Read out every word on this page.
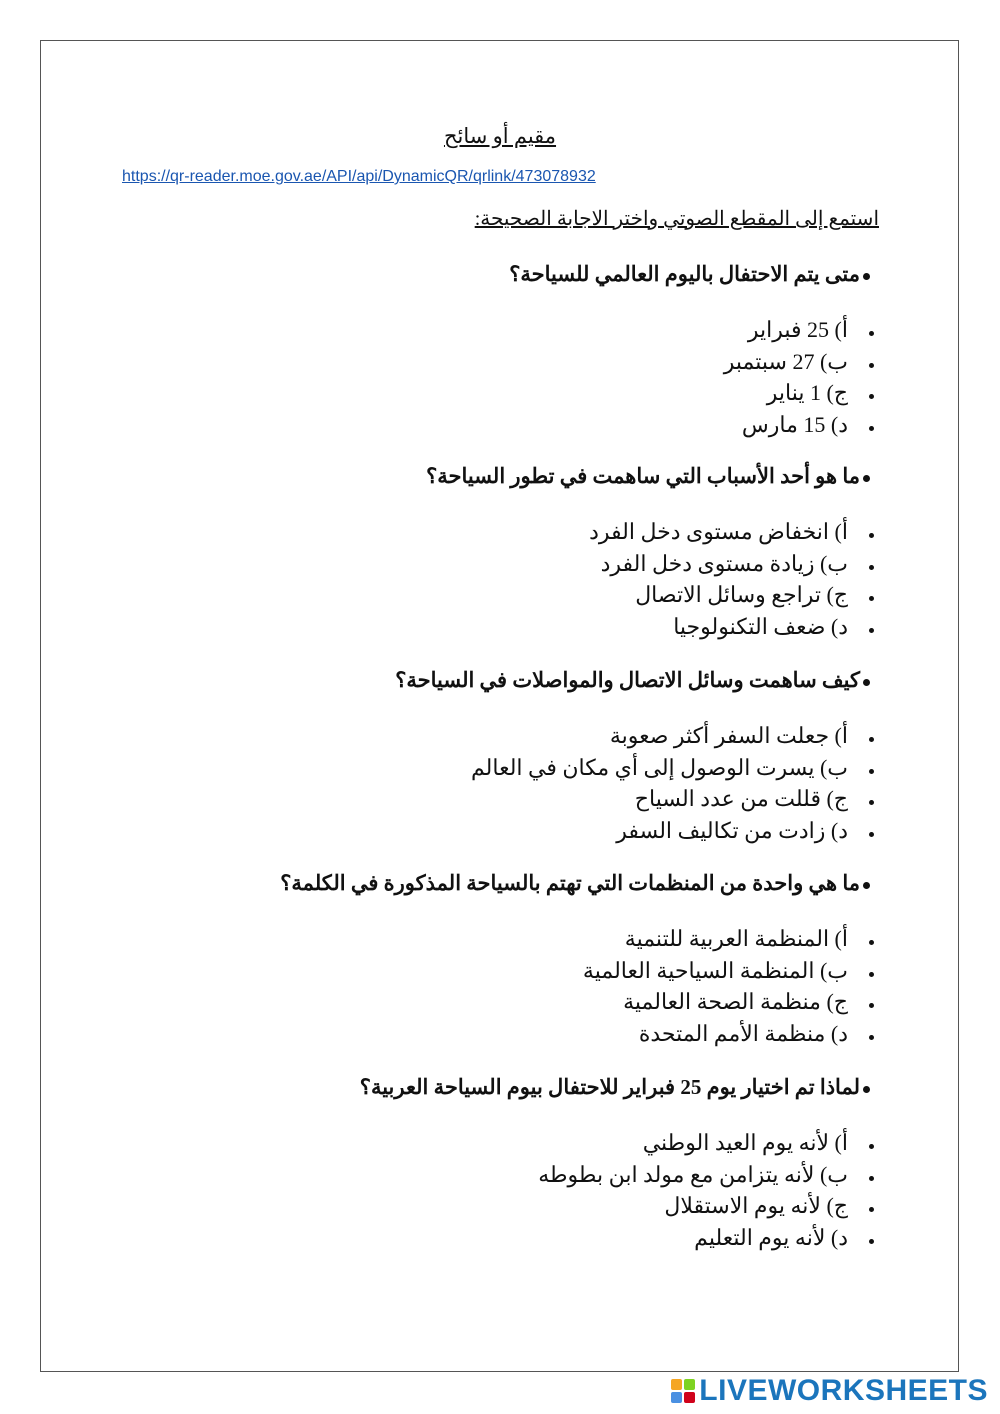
مقيم أو سائح
https://qr-reader.moe.gov.ae/API/api/DynamicQR/qrlink/473078932
استمع إلى المقطع الصوتي واختر الاجابة الصحيحة:
متى يتم الاحتفال باليوم العالمي للسياحة؟
أ) 25 فبراير
ب) 27 سبتمبر
ج) 1 يناير
د) 15 مارس
ما هو أحد الأسباب التي ساهمت في تطور السياحة؟
أ) انخفاض مستوى دخل الفرد
ب) زيادة مستوى دخل الفرد
ج) تراجع وسائل الاتصال
د) ضعف التكنولوجيا
كيف ساهمت وسائل الاتصال والمواصلات في السياحة؟
أ) جعلت السفر أكثر صعوبة
ب) يسرت الوصول إلى أي مكان في العالم
ج) قللت من عدد السياح
د) زادت من تكاليف السفر
ما هي واحدة من المنظمات التي تهتم بالسياحة المذكورة في الكلمة؟
أ) المنظمة العربية للتنمية
ب) المنظمة السياحية العالمية
ج) منظمة الصحة العالمية
د) منظمة الأمم المتحدة
لماذا تم اختيار يوم 25 فبراير للاحتفال بيوم السياحة العربية؟
أ) لأنه يوم العيد الوطني
ب) لأنه يتزامن مع مولد ابن بطوطه
ج) لأنه يوم الاستقلال
د) لأنه يوم التعليم
LIVEWORKSHEETS
